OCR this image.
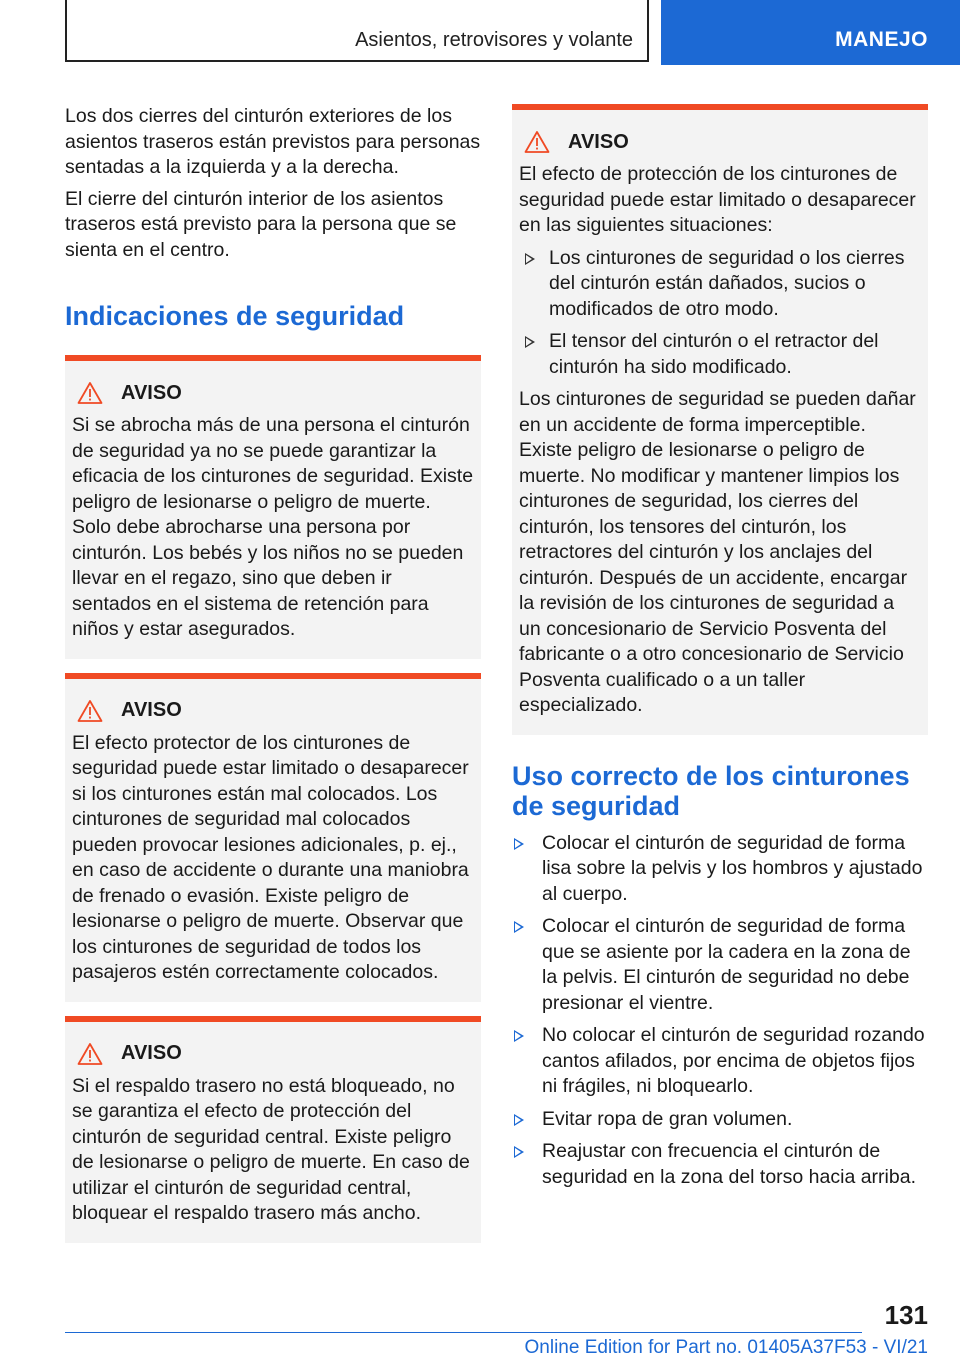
Asientos, retrovisores y volante	MANEJO

Los dos cierres del cinturón exteriores de los asientos traseros están previstos para personas sentadas a la izquierda y a la derecha.

El cierre del cinturón interior de los asientos traseros está previsto para la persona que se sienta en el centro.

Indicaciones de seguridad
AVISO

Si se abrocha más de una persona el cinturón de seguridad ya no se puede garantizar la eficacia de los cinturones de seguridad. Existe peligro de lesionarse o peligro de muerte. Solo debe abrocharse una persona por cinturón. Los bebés y los niños no se pueden llevar en el regazo, sino que deben ir sentados en el sistema de retención para niños y estar asegurados.

AVISO

El efecto protector de los cinturones de seguridad puede estar limitado o desaparecer si los cinturones están mal colocados. Los cinturones de seguridad mal colocados pueden provocar lesiones adicionales, p. ej., en caso de accidente o durante una maniobra de frenado o evasión. Existe peligro de lesionarse o peligro de muerte. Observar que los cinturones de seguridad de todos los pasajeros estén correctamente colocados.

AVISO

Si el respaldo trasero no está bloqueado, no se garantiza el efecto de protección del cinturón de seguridad central. Existe peligro de lesionarse o peligro de muerte. En caso de utilizar el cinturón de seguridad central, bloquear el respaldo trasero más ancho.

AVISO

El efecto de protección de los cinturones de seguridad puede estar limitado o desaparecer en las siguientes situaciones:

Los cinturones de seguridad o los cierres del cinturón están dañados, sucios o modificados de otro modo.
El tensor del cinturón o el retractor del cinturón ha sido modificado.

Los cinturones de seguridad se pueden dañar en un accidente de forma imperceptible. Existe peligro de lesionarse o peligro de muerte. No modificar y mantener limpios los cinturones de seguridad, los cierres del cinturón, los tensores del cinturón, los retractores del cinturón y los anclajes del cinturón. Después de un accidente, encargar la revisión de los cinturones de seguridad a un concesionario de Servicio Posventa del fabricante o a otro concesionario de Servicio Posventa cualificado o a un taller especializado.

Uso correcto de los cinturones de seguridad
Colocar el cinturón de seguridad de forma lisa sobre la pelvis y los hombros y ajustado al cuerpo.
Colocar el cinturón de seguridad de forma que se asiente por la cadera en la zona de la pelvis. El cinturón de seguridad no debe presionar el vientre.
No colocar el cinturón de seguridad rozando cantos afilados, por encima de objetos fijos ni frágiles, ni bloquearlo.
Evitar ropa de gran volumen.
Reajustar con frecuencia el cinturón de seguridad en la zona del torso hacia arriba.
131
Online Edition for Part no. 01405A37F53 - VI/21
